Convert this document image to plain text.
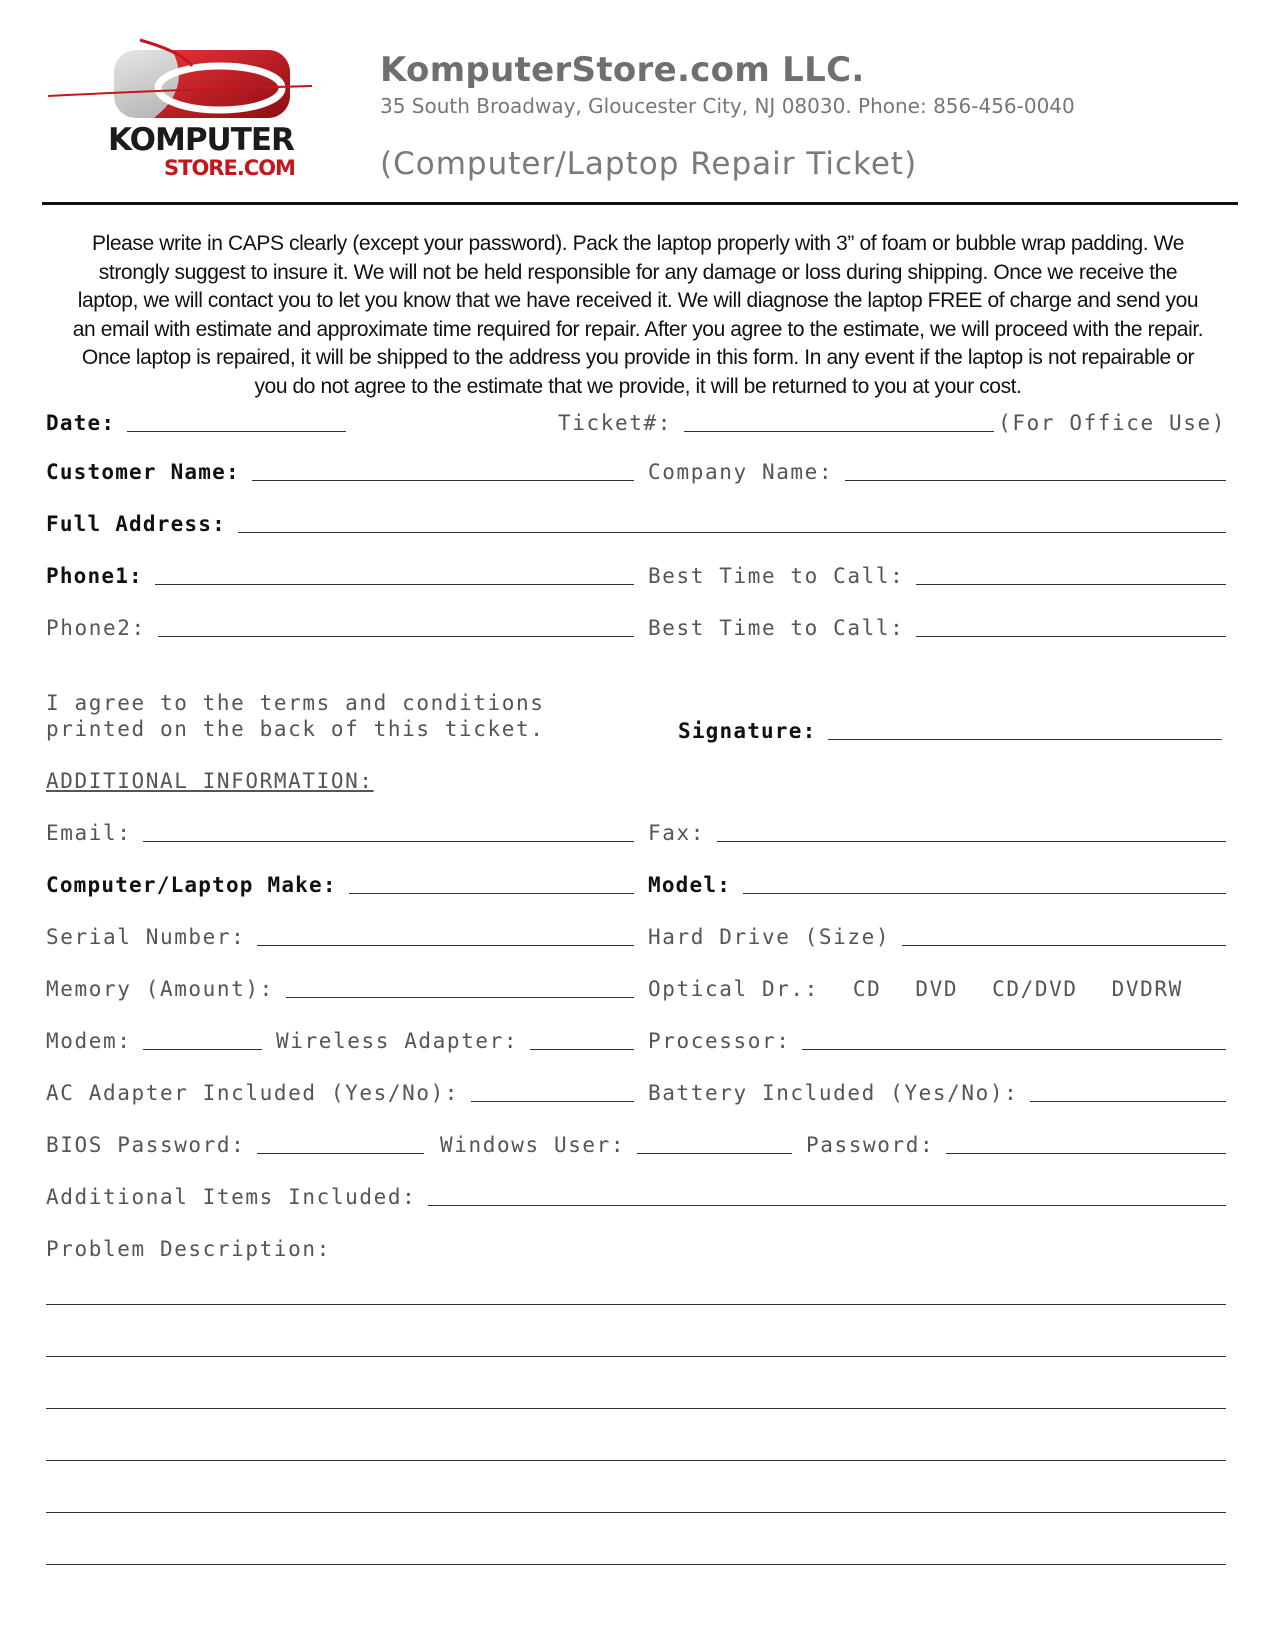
KOMPUTER
STORE.COM
KomputerStore.com LLC.
35 South Broadway, Gloucester City, NJ 08030. Phone: 856-456-0040
(Computer/Laptop Repair Ticket)
Please write in CAPS clearly (except your password). Pack the laptop properly with 3” of foam or bubble wrap padding. We strongly suggest to insure it. We will not be held responsible for any damage or loss during shipping. Once we receive the laptop, we will contact you to let you know that we have received it. We will diagnose the laptop FREE of charge and send you an email with estimate and approximate time required for repair. After you agree to the estimate, we will proceed with the repair. Once laptop is repaired, it will be shipped to the address you provide in this form. In any event if the laptop is not repairable or you do not agree to the estimate that we provide, it will be returned to you at your cost.
Date:	Ticket#:	(For Office Use)
Customer Name:	Company Name:
Full Address:
Phone1:	Best Time to Call:
Phone2:	Best Time to Call:
I agree to the terms and conditions
printed on the back of this ticket.	Signature:
ADDITIONAL INFORMATION:
Email:	Fax:
Computer/Laptop Make:	Model:
Serial Number:	Hard Drive (Size)
Memory (Amount):	Optical Dr.: CD DVD CD/DVD DVDRW
Modem:	Wireless Adapter:	Processor:
AC Adapter Included (Yes/No):	Battery Included (Yes/No):
BIOS Password:	Windows User:	Password:
Additional Items Included:
Problem Description:
